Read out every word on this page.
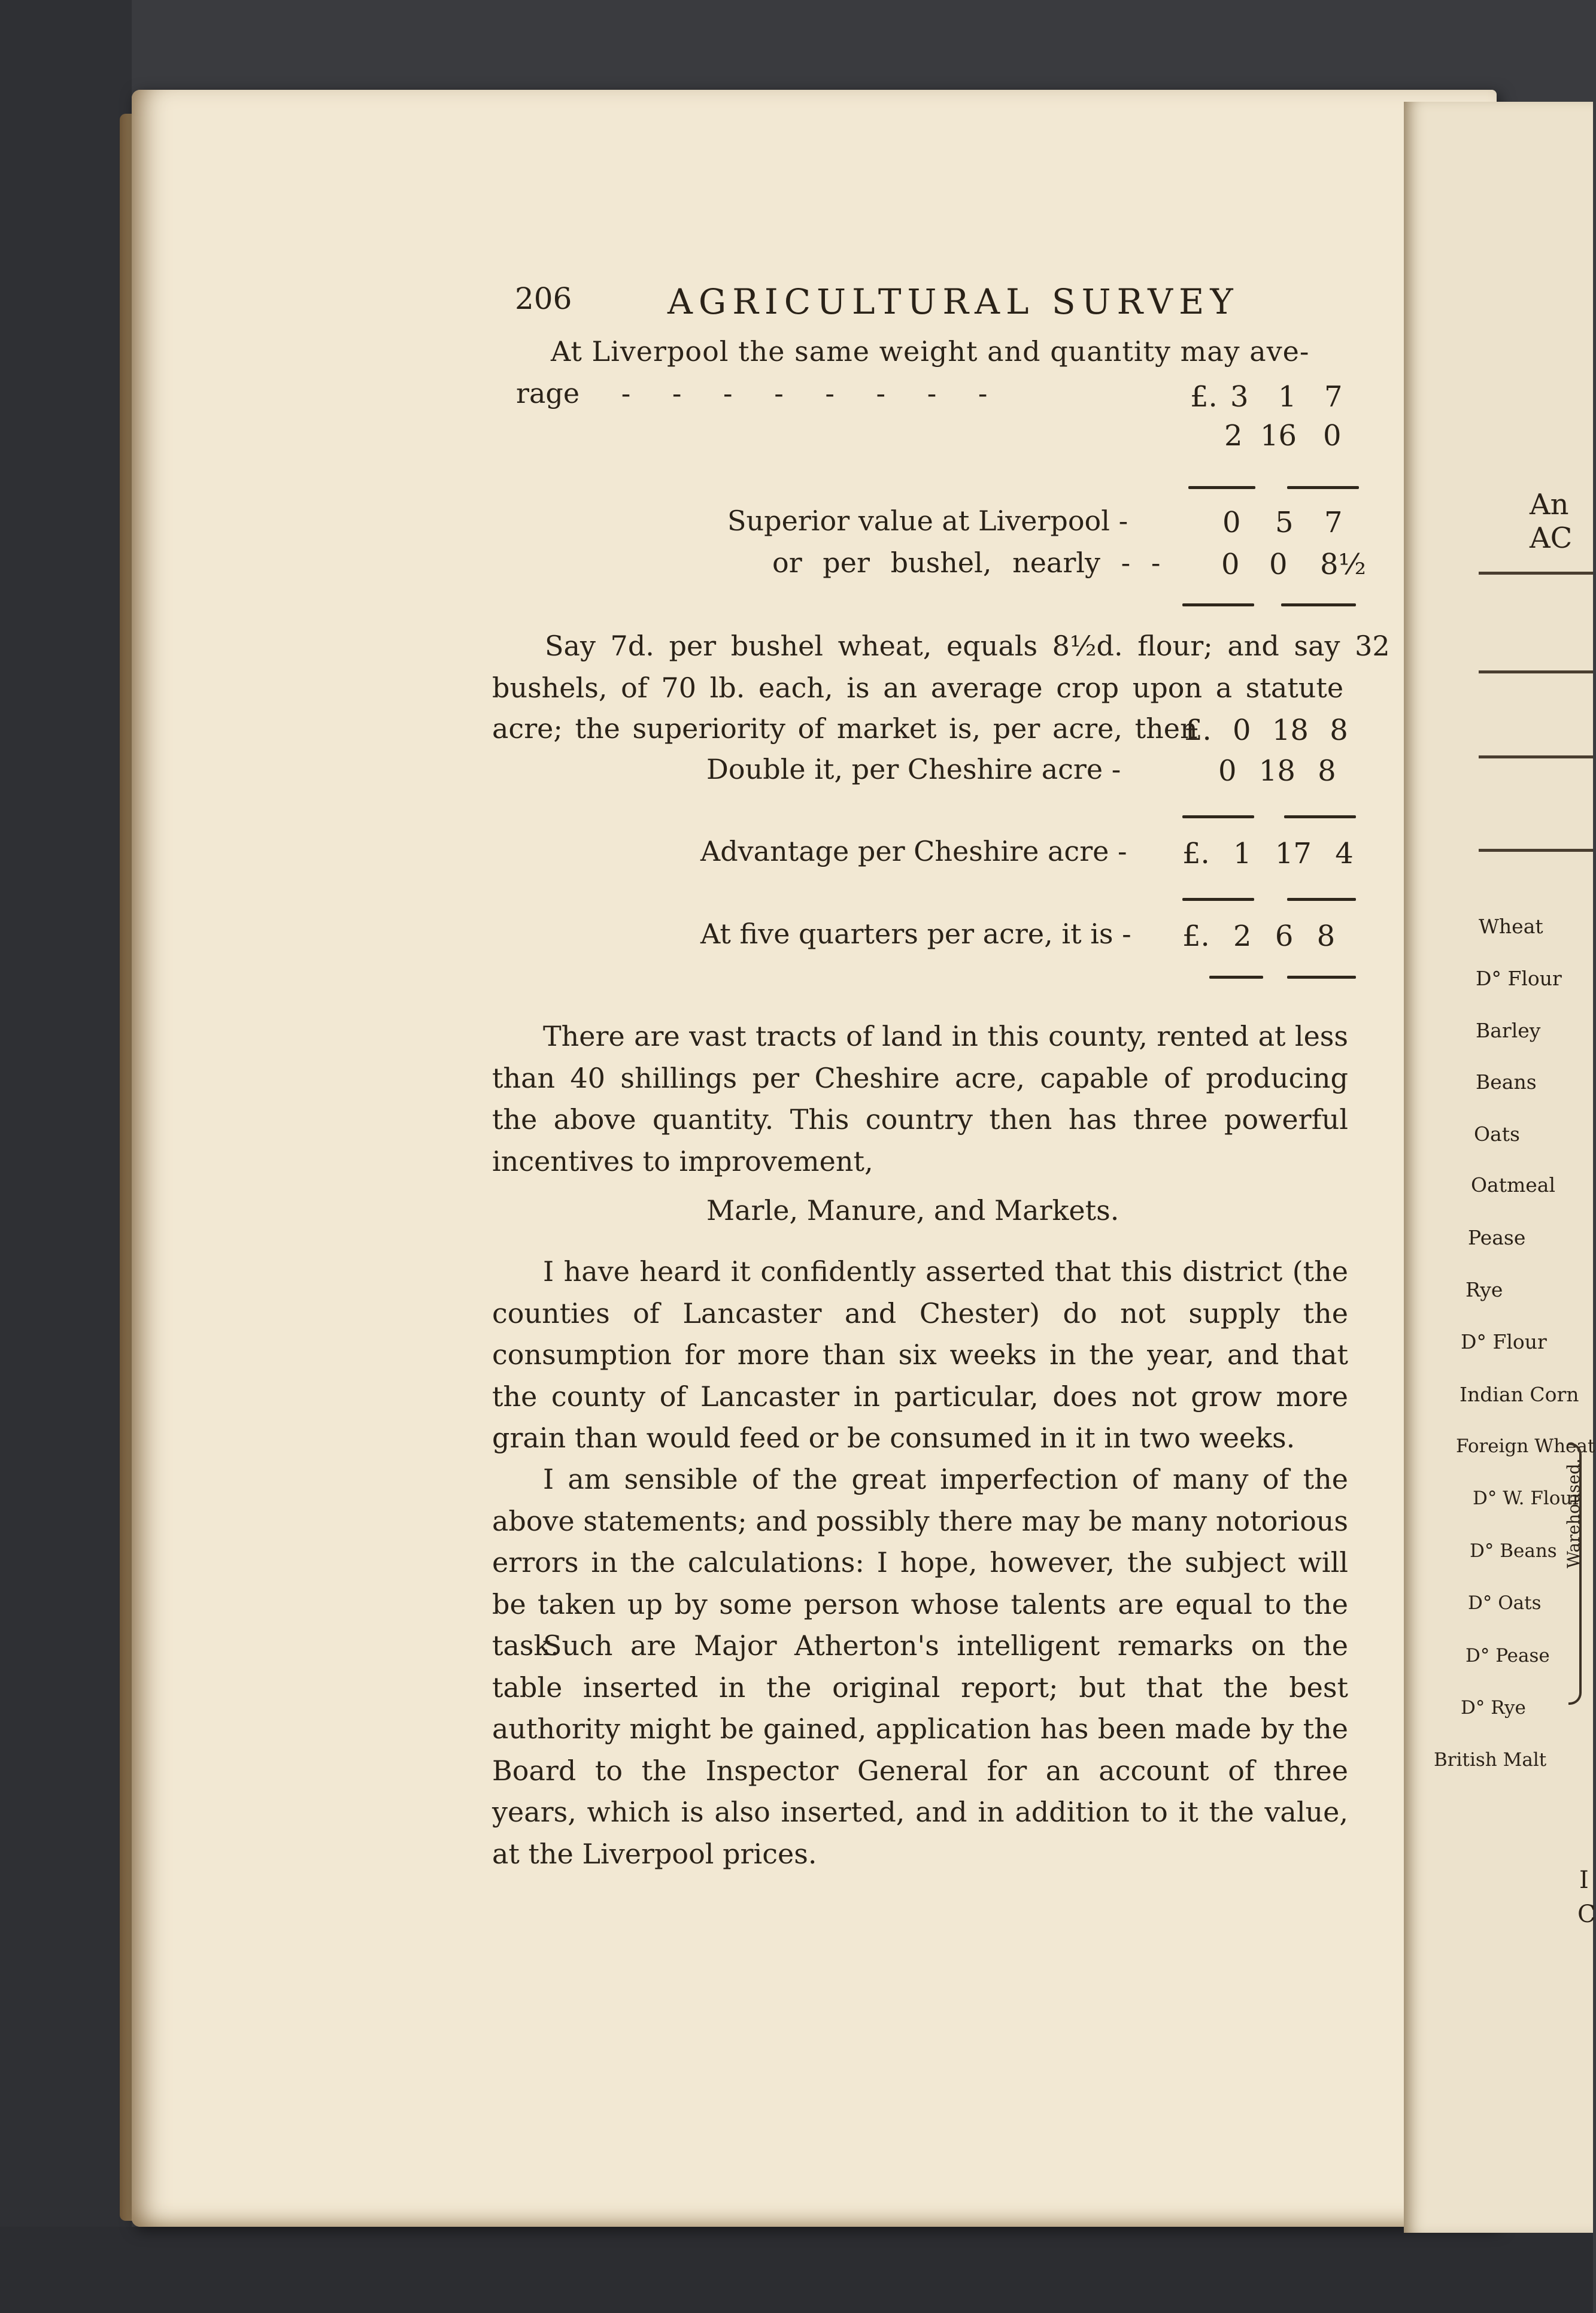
An AC
Wheat
D° Flour
Barley
Beans
Oats
Oatmeal
Pease
Rye
D° Flour
Indian Corn
Foreign Wheat
D° W. Flour
D° Beans
D° Oats
D° Pease
D° Rye
British Malt
Warehoused.
I
C
206	AGRICULTURAL SURVEY
At Liverpool the same weight and quantity may ave-
rage - - - - - - - -	£. 3 1 7
2 16 0
Superior value at Liverpool -	0 5 7
or per bushel, nearly - - 0 0 8½
Say 7d. per bushel wheat, equals 8½d. flour; and say 32
bushels, of 70 lb. each, is an average crop upon a statute
acre; the superiority of market is, per acre, then
£. 0 18 8
Double it, per Cheshire acre -	0 18 8
Advantage per Cheshire acre - £. 1 17 4
At five quarters per acre, it is - £. 2 6 8

There are vast tracts of land in this county, rented at less than 40 shillings per Cheshire acre, capable of producing the above quantity. This country then has three powerful incentives to improvement,

Marle, Manure, and Markets.

I have heard it confidently asserted that this district (the counties of Lancaster and Chester) do not supply the consumption for more than six weeks in the year, and that the county of Lancaster in particular, does not grow more grain than would feed or be consumed in it in two weeks.

I am sensible of the great imperfection of many of the above statements; and possibly there may be many notorious errors in the calculations: I hope, however, the subject will be taken up by some person whose talents are equal to the task.

Such are Major Atherton's intelligent remarks on the table inserted in the original report; but that the best authority might be gained, application has been made by the Board to the Inspector General for an account of three years, which is also inserted, and in addition to it the value, at the Liverpool prices.
